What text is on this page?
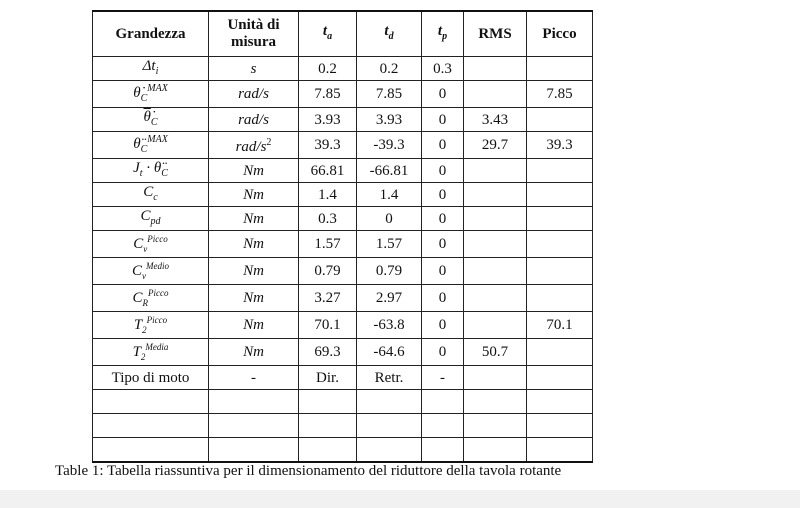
Grandezza	Unità di misura	$t_a$	$t_d$	$t_p$	RMS	Picco
$\Delta t_i$	s	0.2	0.2	0.3		
$\thetȧ_C^{MAX}$	rad/s	7.85	7.85	0		7.85
$\thetȧ_C$	rad/s	3.93	3.93	0	3.43	
$\thetä_C^{MAX}$	rad/$s^2$	39.3	-39.3	0	29.7	39.3
$J_t$ · $\thetä_C$	Nm	66.81	-66.81	0		
$C_c$	Nm	1.4	1.4	0		
$C_{pd}$	Nm	0.3	0	0		
$C_v^{Picco}$	Nm	1.57	1.57	0		
$C_v^{Medio}$	Nm	0.79	0.79	0		
$C_R^{Picco}$	Nm	3.27	2.97	0		
$T_2^{Picco}$	Nm	70.1	-63.8	0		70.1
$T_2^{Media}$	Nm	69.3	-64.6	0	50.7	
Tipo di moto	-	Dir.	Retr.	-		

Table 1: Tabella riassuntiva per il dimensionamento del riduttore della tavola rotante
